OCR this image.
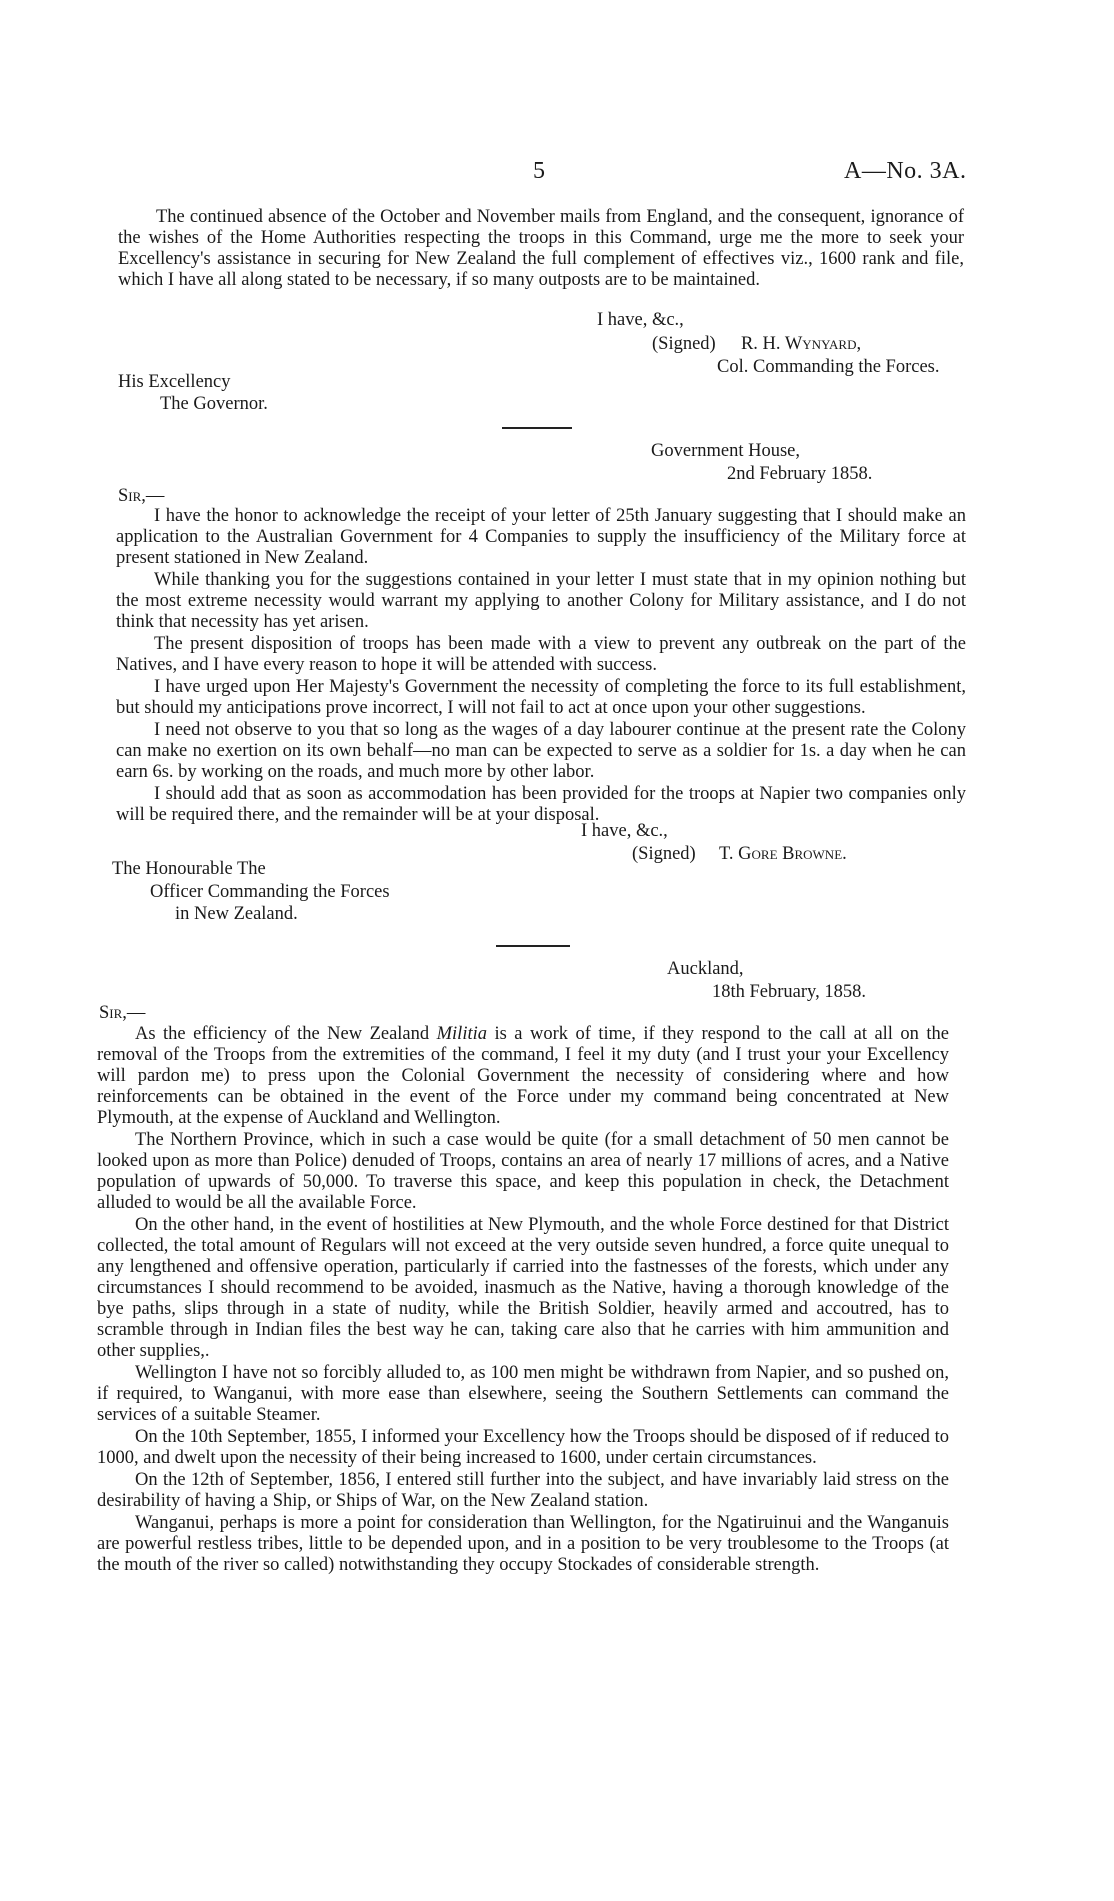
5	A—No. 3A.
The continued absence of the October and November mails from England, and the consequent, ignorance of the wishes of the Home Authorities respecting the troops in this Command, urge me the more to seek your Excellency's assistance in securing for New Zealand the full complement of effectives viz., 1600 rank and file, which I have all along stated to be necessary, if so many outposts are to be maintained.
I have, &c.,
(Signed) R. H. Wynyard,
Col. Commanding the Forces.
His Excellency
The Governor.
Government House,
2nd February 1858.
Sir,—
I have the honor to acknowledge the receipt of your letter of 25th January suggesting that I should make an application to the Australian Government for 4 Companies to supply the insufficiency of the Military force at present stationed in New Zealand.
While thanking you for the suggestions contained in your letter I must state that in my opinion nothing but the most extreme necessity would warrant my applying to another Colony for Military assistance, and I do not think that necessity has yet arisen.
The present disposition of troops has been made with a view to prevent any outbreak on the part of the Natives, and I have every reason to hope it will be attended with success.
I have urged upon Her Majesty's Government the necessity of completing the force to its full establishment, but should my anticipations prove incorrect, I will not fail to act at once upon your other suggestions.
I need not observe to you that so long as the wages of a day labourer continue at the present rate the Colony can make no exertion on its own behalf—no man can be expected to serve as a soldier for 1s. a day when he can earn 6s. by working on the roads, and much more by other labor.
I should add that as soon as accommodation has been provided for the troops at Napier two companies only will be required there, and the remainder will be at your disposal.
I have, &c.,
(Signed) T. Gore Browne.
The Honourable The
Officer Commanding the Forces
in New Zealand.
Auckland,
18th February, 1858.
Sir,—
As the efficiency of the New Zealand Militia is a work of time, if they respond to the call at all on the removal of the Troops from the extremities of the command, I feel it my duty (and I trust your your Excellency will pardon me) to press upon the Colonial Government the necessity of considering where and how reinforcements can be obtained in the event of the Force under my command being concentrated at New Plymouth, at the expense of Auckland and Wellington.
The Northern Province, which in such a case would be quite (for a small detachment of 50 men cannot be looked upon as more than Police) denuded of Troops, contains an area of nearly 17 millions of acres, and a Native population of upwards of 50,000. To traverse this space, and keep this population in check, the Detachment alluded to would be all the available Force.
On the other hand, in the event of hostilities at New Plymouth, and the whole Force destined for that District collected, the total amount of Regulars will not exceed at the very outside seven hundred, a force quite unequal to any lengthened and offensive operation, particularly if carried into the fastnesses of the forests, which under any circumstances I should recommend to be avoided, inasmuch as the Native, having a thorough knowledge of the bye paths, slips through in a state of nudity, while the British Soldier, heavily armed and accoutred, has to scramble through in Indian files the best way he can, taking care also that he carries with him ammunition and other supplies,.
Wellington I have not so forcibly alluded to, as 100 men might be withdrawn from Napier, and so pushed on, if required, to Wanganui, with more ease than elsewhere, seeing the Southern Settlements can command the services of a suitable Steamer.
On the 10th September, 1855, I informed your Excellency how the Troops should be disposed of if reduced to 1000, and dwelt upon the necessity of their being increased to 1600, under certain circumstances.
On the 12th of September, 1856, I entered still further into the subject, and have invariably laid stress on the desirability of having a Ship, or Ships of War, on the New Zealand station.
Wanganui, perhaps is more a point for consideration than Wellington, for the Ngatiruinui and the Wanganuis are powerful restless tribes, little to be depended upon, and in a position to be very troublesome to the Troops (at the mouth of the river so called) notwithstanding they occupy Stockades of considerable strength.
